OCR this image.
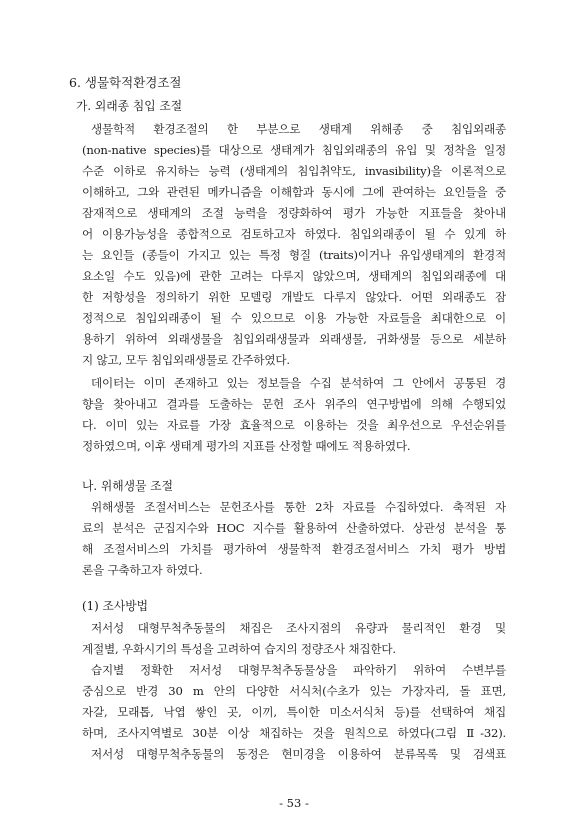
6. 생물학적환경조절
가. 외래종 침입 조절
생물학적 환경조절의 한 부분으로 생태계 위해종 중 침입외래종
(non-native species)를 대상으로 생태계가 침입외래종의 유입 및 정착을 일정
수준 이하로 유지하는 능력 (생태계의 침입취약도, invasibility)을 이론적으로
이해하고, 그와 관련된 메카니즘을 이해함과 동시에 그에 관여하는 요인들을 중
잠재적으로 생태계의 조절 능력을 정량화하여 평가 가능한 지표들을 찾아내
어 이용가능성을 종합적으로 검토하고자 하였다. 침입외래종이 될 수 있게 하
는 요인들 (종들이 가지고 있는 특정 형질 (traits)이거나 유입생태계의 환경적
요소일 수도 있음)에 관한 고려는 다루지 않았으며, 생태계의 침입외래종에 대
한 저항성을 정의하기 위한 모델링 개발도 다루지 않았다. 어떤 외래종도 잠
정적으로 침입외래종이 될 수 있으므로 이용 가능한 자료들을 최대한으로 이
용하기 위하여 외래생물을 침입외래생물과 외래생물, 귀화생물 등으로 세분하
지 않고, 모두 침입외래생물로 간주하였다.
데이터는 이미 존재하고 있는 정보들을 수집 분석하여 그 안에서 공통된 경
향을 찾아내고 결과를 도출하는 문헌 조사 위주의 연구방법에 의해 수행되었
다. 이미 있는 자료를 가장 효율적으로 이용하는 것을 최우선으로 우선순위를
정하였으며, 이후 생태계 평가의 지표를 산정할 때에도 적용하였다.
나. 위해생물 조절
위해생물 조절서비스는 문헌조사를 통한 2차 자료를 수집하였다. 축적된 자
료의 분석은 군집지수와 HOC 지수를 활용하여 산출하였다. 상관성 분석을 통
해 조절서비스의 가치를 평가하여 생물학적 환경조절서비스 가치 평가 방법
론을 구축하고자 하였다.
(1) 조사방법
저서성 대형무척추동물의 채집은 조사지점의 유량과 물리적인 환경 및
계절별, 우화시기의 특성을 고려하여 습지의 정량조사 채집한다.
습지별 정확한 저서성 대형무척추동물상을 파악하기 위하여 수변부를
중심으로 반경 30 m 안의 다양한 서식처(수초가 있는 가장자리, 돌 표면,
자갈, 모래톱, 낙엽 쌓인 곳, 이끼, 특이한 미소서식처 등)를 선택하여 채집
하며, 조사지역별로 30분 이상 채집하는 것을 원칙으로 하였다(그림 Ⅱ-32).
저서성 대형무척추동물의 동정은 현미경을 이용하여 분류목록 및 검색표
- 53 -
